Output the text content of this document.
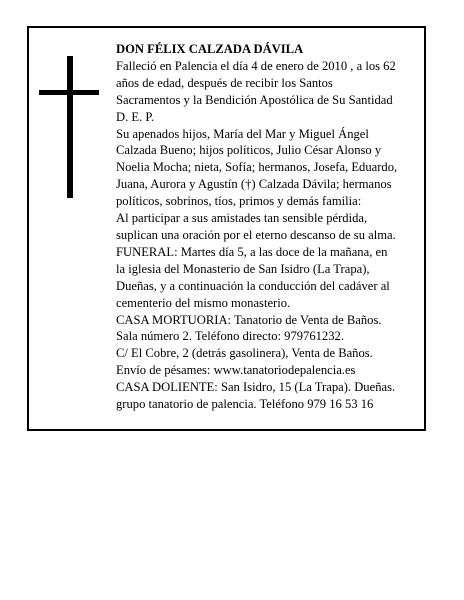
DON FÉLIX CALZADA DÁVILA
Falleció en Palencia el día 4 de enero de 2010 , a los 62
años de edad, después de recibir los Santos
Sacramentos y la Bendición Apostólica de Su Santidad
D. E. P.
Su apenados hijos, María del Mar y Miguel Ángel
Calzada Bueno; hijos políticos, Julio César Alonso y
Noelia Mocha; nieta, Sofía; hermanos, Josefa, Eduardo,
Juana, Aurora y Agustín (†) Calzada Dávila; hermanos
políticos, sobrinos, tíos, primos y demás familia:
Al participar a sus amistades tan sensible pérdida,
suplican una oración por el eterno descanso de su alma.
FUNERAL: Martes día 5, a las doce de la mañana, en
la iglesia del Monasterio de San Isidro (La Trapa),
Dueñas, y a continuación la conducción del cadáver al
cementerio del mismo monasterio.
CASA MORTUORIA: Tanatorio de Venta de Baños.
Sala número 2. Teléfono directo: 979761232.
C/ El Cobre, 2 (detrás gasolinera), Venta de Baños.
Envío de pésames: www.tanatoriodepalencia.es
CASA DOLIENTE: San Isidro, 15 (La Trapa). Dueñas.
grupo tanatorio de palencia. Teléfono 979 16 53 16
